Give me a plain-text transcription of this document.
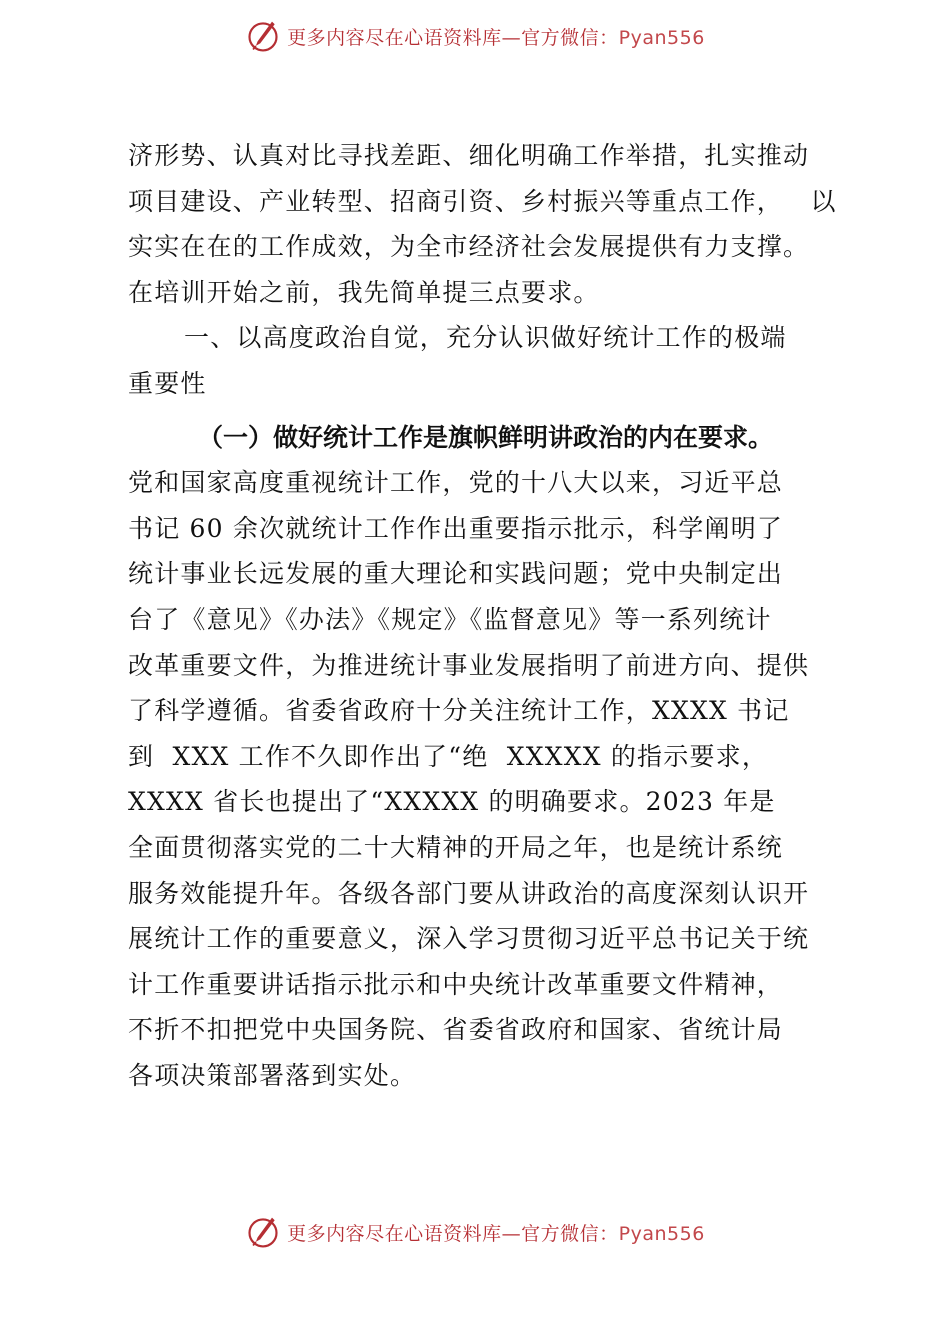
更多内容尽在心语资料库—官方微信：Pyan556
济形势、认真对比寻找差距、细化明确工作举措，扎实推动
项目建设、产业转型、招商引资、乡村振兴等重点工作，   以
实实在在的工作成效，为全市经济社会发展提供有力支撑。
在培训开始之前，我先简单提三点要求。
一、以高度政治自觉，充分认识做好统计工作的极端
重要性
（一）做好统计工作是旗帜鲜明讲政治的内在要求。
党和国家高度重视统计工作，党的十八大以来，习近平总
书记 60 余次就统计工作作出重要指示批示，科学阐明了
统计事业长远发展的重大理论和实践问题；党中央制定出
台了《意见》《办法》《规定》《监督意见》等一系列统计
改革重要文件，为推进统计事业发展指明了前进方向、提供
了科学遵循。省委省政府十分关注统计工作，XXXX 书记
到  XXX 工作不久即作出了“绝  XXXXX 的指示要求，
XXXX 省长也提出了“XXXXX 的明确要求。2023 年是
全面贯彻落实党的二十大精神的开局之年，也是统计系统
服务效能提升年。各级各部门要从讲政治的高度深刻认识开
展统计工作的重要意义，深入学习贯彻习近平总书记关于统
计工作重要讲话指示批示和中央统计改革重要文件精神，
不折不扣把党中央国务院、省委省政府和国家、省统计局
各项决策部署落到实处。
更多内容尽在心语资料库—官方微信：Pyan556
